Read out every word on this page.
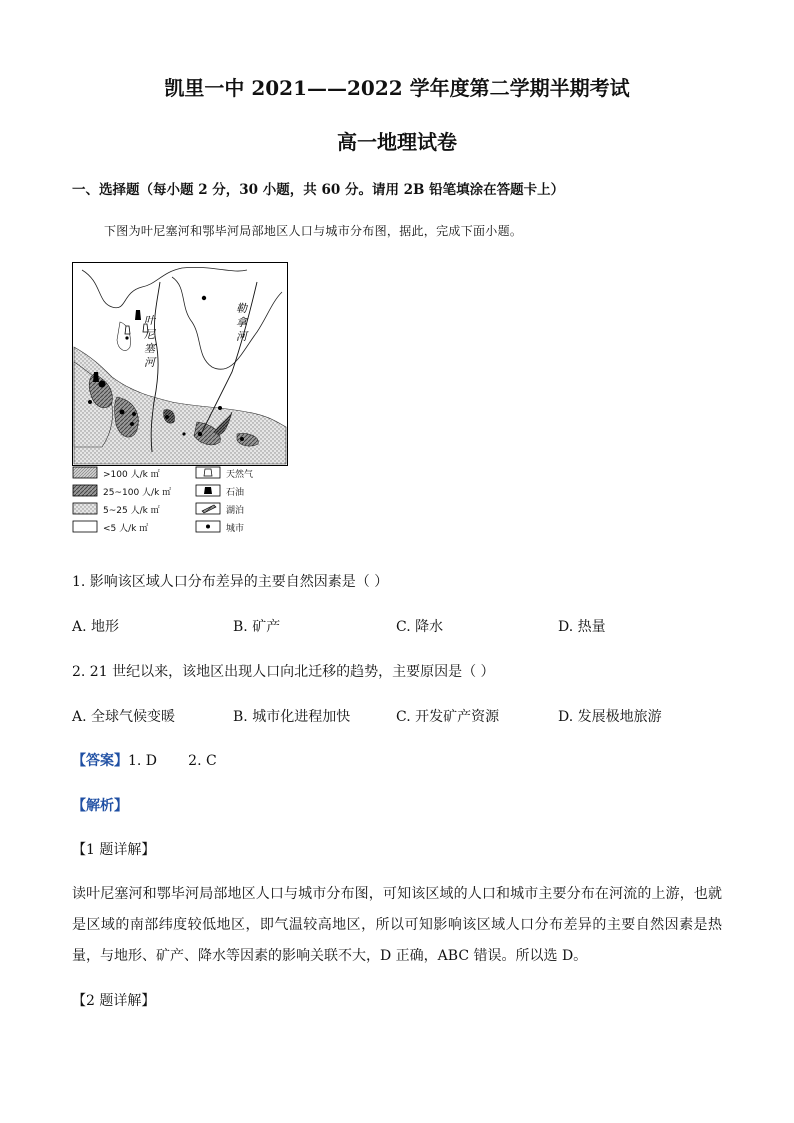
凯里一中 2021——2022 学年度第二学期半期考试
高一地理试卷
一、选择题（每小题 2 分，30 小题，共 60 分。请用 2B 铅笔填涂在答题卡上）
下图为叶尼塞河和鄂毕河局部地区人口与城市分布图，据此，完成下面小题。
叶
尼
塞
河
勒
拿
河
>100 人/k ㎡
25~100 人/k ㎡
5~25 人/k ㎡
<5 人/k ㎡
天然气
石油
湖泊
城市
1. 影响该区域人口分布差异的主要自然因素是（ ）
A. 地形	B. 矿产	C. 降水	D. 热量
2. 21 世纪以来，该地区出现人口向北迁移的趋势，主要原因是（ ）
A. 全球气候变暖	B. 城市化进程加快	C. 开发矿产资源	D. 发展极地旅游
【答案】1. D       2. C
【解析】
【1 题详解】
读叶尼塞河和鄂毕河局部地区人口与城市分布图，可知该区域的人口和城市主要分布在河流的上游，也就
是区域的南部纬度较低地区，即气温较高地区，所以可知影响该区域人口分布差异的主要自然因素是热
量，与地形、矿产、降水等因素的影响关联不大，D 正确，ABC 错误。所以选 D。
【2 题详解】
